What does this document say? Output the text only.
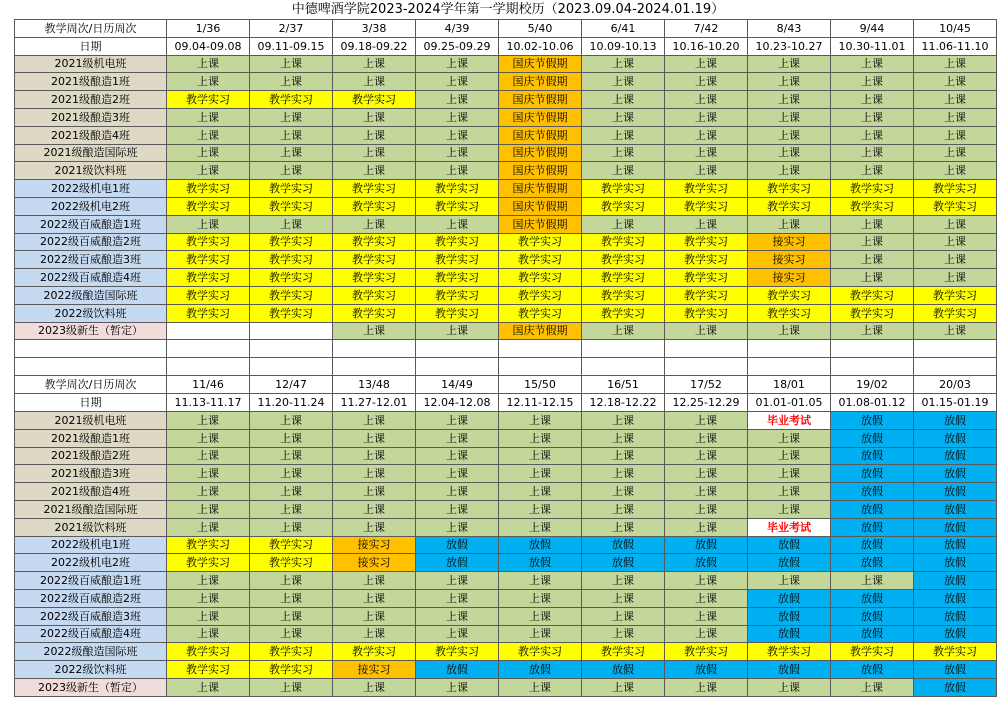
中德啤酒学院2023-2024学年第一学期校历（2023.09.04-2024.01.19）
教学周次/日历周次	1/36	2/37	3/38	4/39	5/40	6/41	7/42	8/43	9/44	10/45
日期	09.04-09.08	09.11-09.15	09.18-09.22	09.25-09.29	10.02-10.06	10.09-10.13	10.16-10.20	10.23-10.27	10.30-11.01	11.06-11.10
2021级机电班	上课	上课	上课	上课	国庆节假期	上课	上课	上课	上课	上课
2021级酿造1班	上课	上课	上课	上课	国庆节假期	上课	上课	上课	上课	上课
2021级酿造2班	教学实习	教学实习	教学实习	上课	国庆节假期	上课	上课	上课	上课	上课
2021级酿造3班	上课	上课	上课	上课	国庆节假期	上课	上课	上课	上课	上课
2021级酿造4班	上课	上课	上课	上课	国庆节假期	上课	上课	上课	上课	上课
2021级酿造国际班	上课	上课	上课	上课	国庆节假期	上课	上课	上课	上课	上课
2021级饮料班	上课	上课	上课	上课	国庆节假期	上课	上课	上课	上课	上课
2022级机电1班	教学实习	教学实习	教学实习	教学实习	国庆节假期	教学实习	教学实习	教学实习	教学实习	教学实习
2022级机电2班	教学实习	教学实习	教学实习	教学实习	国庆节假期	教学实习	教学实习	教学实习	教学实习	教学实习
2022级百威酿造1班	上课	上课	上课	上课	国庆节假期	上课	上课	上课	上课	上课
2022级百威酿造2班	教学实习	教学实习	教学实习	教学实习	教学实习	教学实习	教学实习	接实习	上课	上课
2022级百威酿造3班	教学实习	教学实习	教学实习	教学实习	教学实习	教学实习	教学实习	接实习	上课	上课
2022级百威酿造4班	教学实习	教学实习	教学实习	教学实习	教学实习	教学实习	教学实习	接实习	上课	上课
2022级酿造国际班	教学实习	教学实习	教学实习	教学实习	教学实习	教学实习	教学实习	教学实习	教学实习	教学实习
2022级饮料班	教学实习	教学实习	教学实习	教学实习	教学实习	教学实习	教学实习	教学实习	教学实习	教学实习
2023级新生（暂定）			上课	上课	国庆节假期	上课	上课	上课	上课	上课

教学周次/日历周次	11/46	12/47	13/48	14/49	15/50	16/51	17/52	18/01	19/02	20/03
日期	11.13-11.17	11.20-11.24	11.27-12.01	12.04-12.08	12.11-12.15	12.18-12.22	12.25-12.29	01.01-01.05	01.08-01.12	01.15-01.19
2021级机电班	上课	上课	上课	上课	上课	上课	上课	毕业考试	放假	放假
2021级酿造1班	上课	上课	上课	上课	上课	上课	上课	上课	放假	放假
2021级酿造2班	上课	上课	上课	上课	上课	上课	上课	上课	放假	放假
2021级酿造3班	上课	上课	上课	上课	上课	上课	上课	上课	放假	放假
2021级酿造4班	上课	上课	上课	上课	上课	上课	上课	上课	放假	放假
2021级酿造国际班	上课	上课	上课	上课	上课	上课	上课	上课	放假	放假
2021级饮料班	上课	上课	上课	上课	上课	上课	上课	毕业考试	放假	放假
2022级机电1班	教学实习	教学实习	接实习	放假	放假	放假	放假	放假	放假	放假
2022级机电2班	教学实习	教学实习	接实习	放假	放假	放假	放假	放假	放假	放假
2022级百威酿造1班	上课	上课	上课	上课	上课	上课	上课	上课	上课	放假
2022级百威酿造2班	上课	上课	上课	上课	上课	上课	上课	放假	放假	放假
2022级百威酿造3班	上课	上课	上课	上课	上课	上课	上课	放假	放假	放假
2022级百威酿造4班	上课	上课	上课	上课	上课	上课	上课	放假	放假	放假
2022级酿造国际班	教学实习	教学实习	教学实习	教学实习	教学实习	教学实习	教学实习	教学实习	教学实习	教学实习
2022级饮料班	教学实习	教学实习	接实习	放假	放假	放假	放假	放假	放假	放假
2023级新生（暂定）	上课	上课	上课	上课	上课	上课	上课	上课	上课	放假
